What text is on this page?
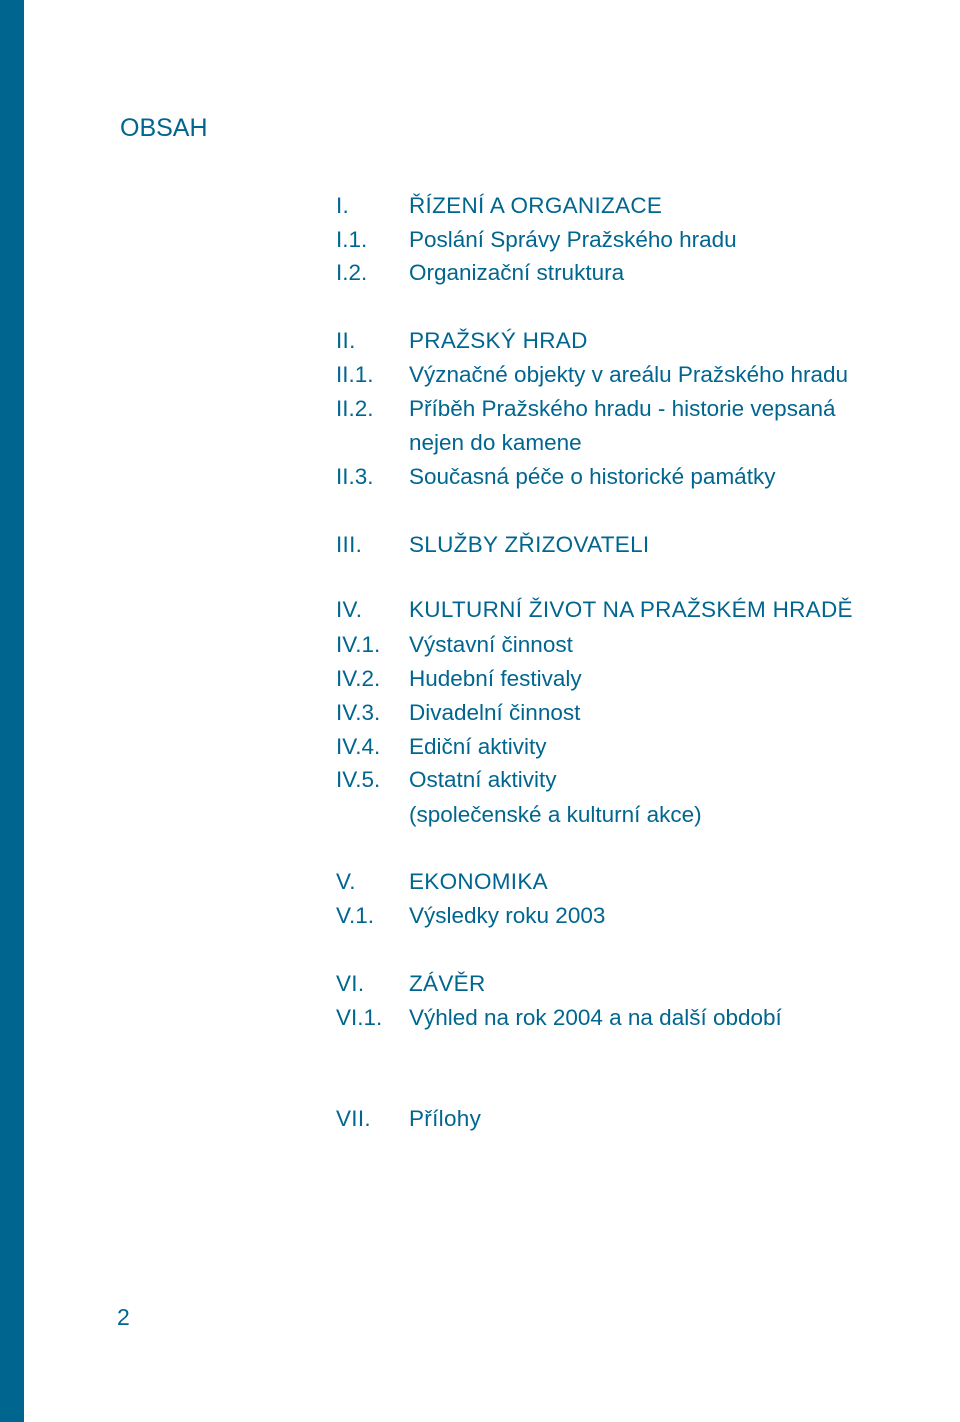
OBSAH
I.	ŘÍZENÍ A ORGANIZACE
I.1. Poslání Správy Pražského hradu
I.2. Organizační struktura
II. PRAŽSKÝ HRAD
II.1. Význačné objekty v areálu Pražského hradu
II.2. Příběh Pražského hradu - historie vepsaná
nejen do kamene
II.3. Současná péče o historické památky
III. SLUŽBY ZŘIZOVATELI
IV. KULTURNÍ ŽIVOT NA PRAŽSKÉM HRADĚ
IV.1. Výstavní činnost
IV.2. Hudební festivaly
IV.3. Divadelní činnost
IV.4. Ediční aktivity
IV.5. Ostatní aktivity
(společenské a kulturní akce)
V. EKONOMIKA
V.1. Výsledky roku 2003
VI. ZÁVĚR
VI.1. Výhled na rok 2004 a na další období
VII. Přílohy
2
